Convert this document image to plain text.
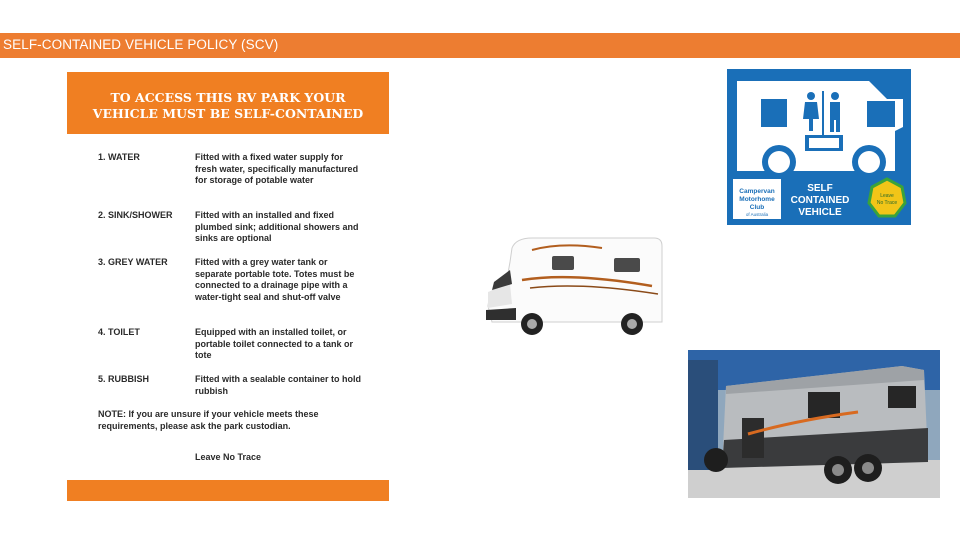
SELF-CONTAINED VEHICLE POLICY (SCV)
TO ACCESS THIS RV PARK YOUR
VEHICLE MUST BE SELF-CONTAINED
1. WATER	Fitted with a fixed water supply for fresh water, specifically manufactured for storage of potable water
2. SINK/SHOWER	Fitted with an installed and fixed plumbed sink; additional showers and sinks are optional
3. GREY WATER	Fitted with a grey water tank or separate portable tote. Totes must be connected to a drainage pipe with a water-tight seal and shut-off valve
4. TOILET	Equipped with an installed toilet, or portable toilet connected to a tank or tote
5. RUBBISH	Fitted with a sealable container to hold rubbish
NOTE: If you are unsure if your vehicle meets these requirements, please ask the park custodian.
Leave No Trace
Campervan
Motorhome
Club
of Australia
SELF
CONTAINED
VEHICLE
Leave
No Trace
